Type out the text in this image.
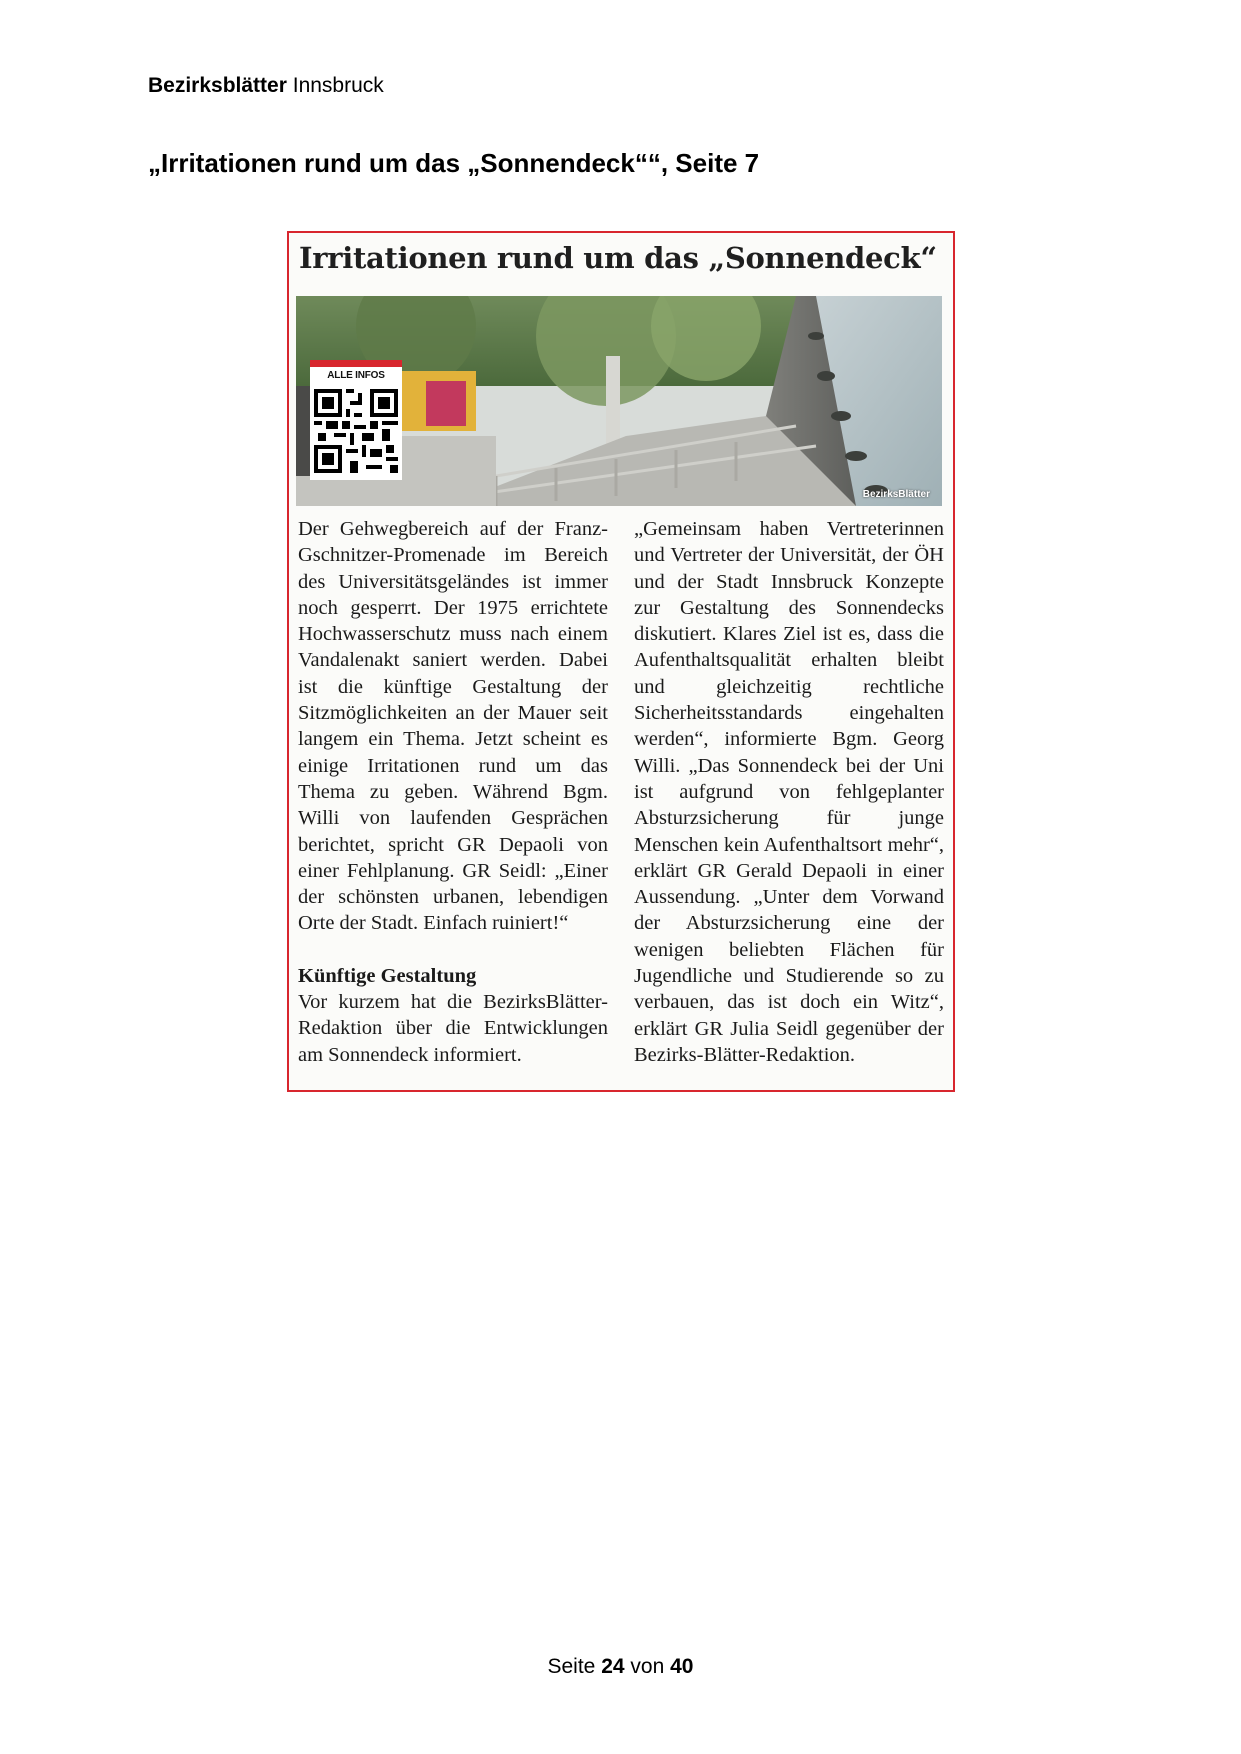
Bezirksblätter Innsbruck
„Irritationen rund um das „Sonnendeck““, Seite 7
Irritationen rund um das „Sonnendeck“
ALLE INFOS
BezirksBlätter

Der Gehwegbereich auf der Franz-Gschnitzer-Promenade im Bereich des Universitätsgeländes ist immer noch gesperrt. Der 1975 errichtete Hochwasserschutz muss nach einem Vandalenakt saniert werden. Dabei ist die künftige Gestaltung der Sitzmöglichkeiten an der Mauer seit langem ein Thema. Jetzt scheint es einige Irritationen rund um das Thema zu geben. Während Bgm. Willi von laufenden Gesprächen berichtet, spricht GR Depaoli von einer Fehlplanung. GR Seidl: „Einer der schönsten urbanen, lebendigen Orte der Stadt. Einfach ruiniert!“

Künftige Gestaltung

Vor kurzem hat die BezirksBlätter-Redaktion über die Entwicklungen am Sonnendeck informiert.

„Gemeinsam haben Vertreterinnen und Vertreter der Universität, der ÖH und der Stadt Innsbruck Konzepte zur Gestaltung des Sonnendecks diskutiert. Klares Ziel ist es, dass die Aufenthaltsqualität erhalten bleibt und gleichzeitig rechtliche Sicherheitsstandards eingehalten werden“, informierte Bgm. Georg Willi. „Das Sonnendeck bei der Uni ist aufgrund von fehlgeplanter Absturzsicherung für junge Menschen kein Aufenthaltsort mehr“, erklärt GR Gerald Depaoli in einer Aussendung. „Unter dem Vorwand der Absturzsicherung eine der wenigen beliebten Flächen für Jugendliche und Studierende so zu verbauen, das ist doch ein Witz“, erklärt GR Julia Seidl gegenüber der Bezirks-Blätter-Redaktion.

Seite 24 von 40
